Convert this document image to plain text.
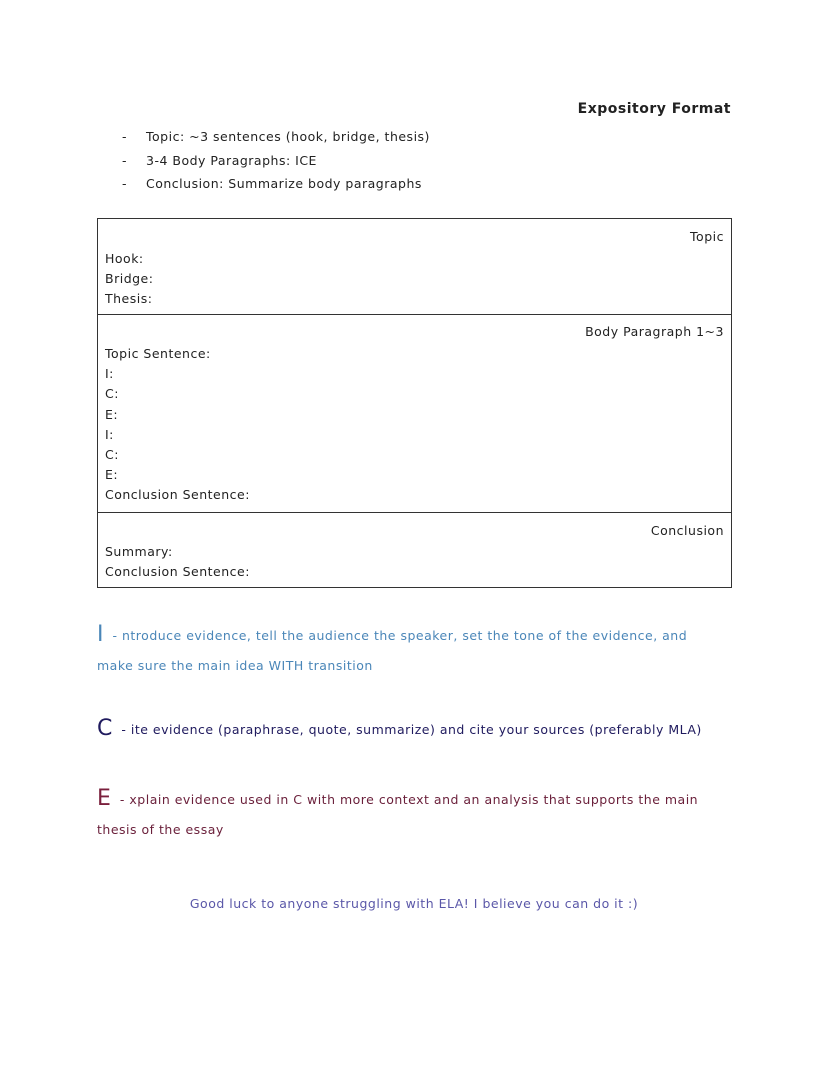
Expository Format
- Topic: ~3 sentences (hook, bridge, thesis)
- 3-4 Body Paragraphs: ICE
- Conclusion: Summarize body paragraphs
Topic
Hook:
Bridge:
Thesis:
Body Paragraph 1~3
Topic Sentence:
I:
C:
E:
I:
C:
E:
Conclusion Sentence:
Conclusion
Summary:
Conclusion Sentence:
I - ntroduce evidence, tell the audience the speaker, set the tone of the evidence, and
make sure the main idea WITH transition
C - ite evidence (paraphrase, quote, summarize) and cite your sources (preferably MLA)
E - xplain evidence used in C with more context and an analysis that supports the main
thesis of the essay
Good luck to anyone struggling with ELA! I believe you can do it :)
